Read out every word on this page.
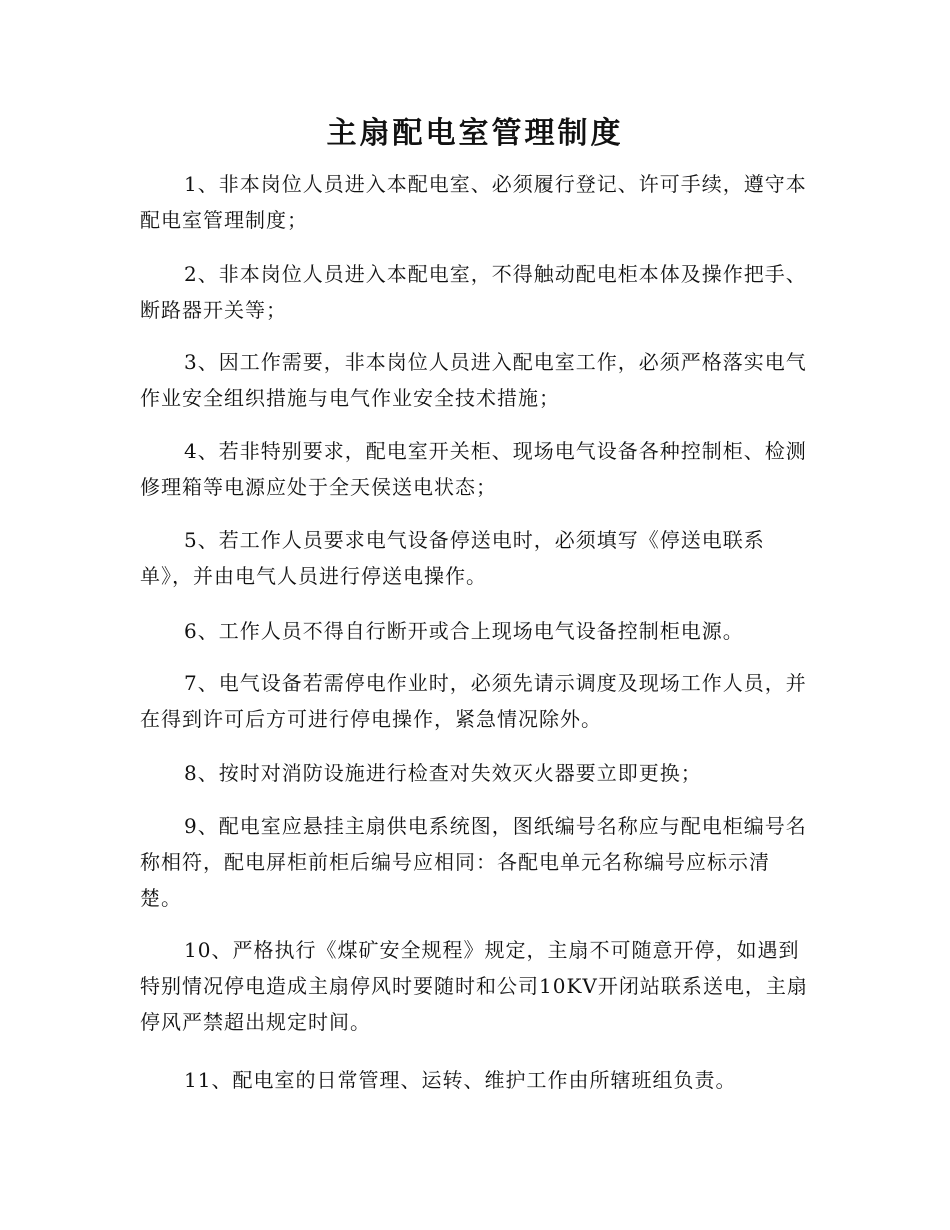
主扇配电室管理制度

1、非本岗位人员进入本配电室、必须履行登记、许可手续，遵守本配电室管理制度；

2、非本岗位人员进入本配电室，不得触动配电柜本体及操作把手、断路器开关等；

3、因工作需要，非本岗位人员进入配电室工作，必须严格落实电气作业安全组织措施与电气作业安全技术措施；

4、若非特别要求，配电室开关柜、现场电气设备各种控制柜、检测修理箱等电源应处于全天侯送电状态；

5、若工作人员要求电气设备停送电时，必须填写《停送电联系单》，并由电气人员进行停送电操作。

6、工作人员不得自行断开或合上现场电气设备控制柜电源。

7、电气设备若需停电作业时，必须先请示调度及现场工作人员，并在得到许可后方可进行停电操作，紧急情况除外。

8、按时对消防设施进行检查对失效灭火器要立即更换；

9、配电室应悬挂主扇供电系统图，图纸编号名称应与配电柜编号名称相符，配电屏柜前柜后编号应相同：各配电单元名称编号应标示清楚。

10、严格执行《煤矿安全规程》规定，主扇不可随意开停，如遇到特别情况停电造成主扇停风时要随时和公司10KV开闭站联系送电，主扇停风严禁超出规定时间。

11、配电室的日常管理、运转、维护工作由所辖班组负责。
